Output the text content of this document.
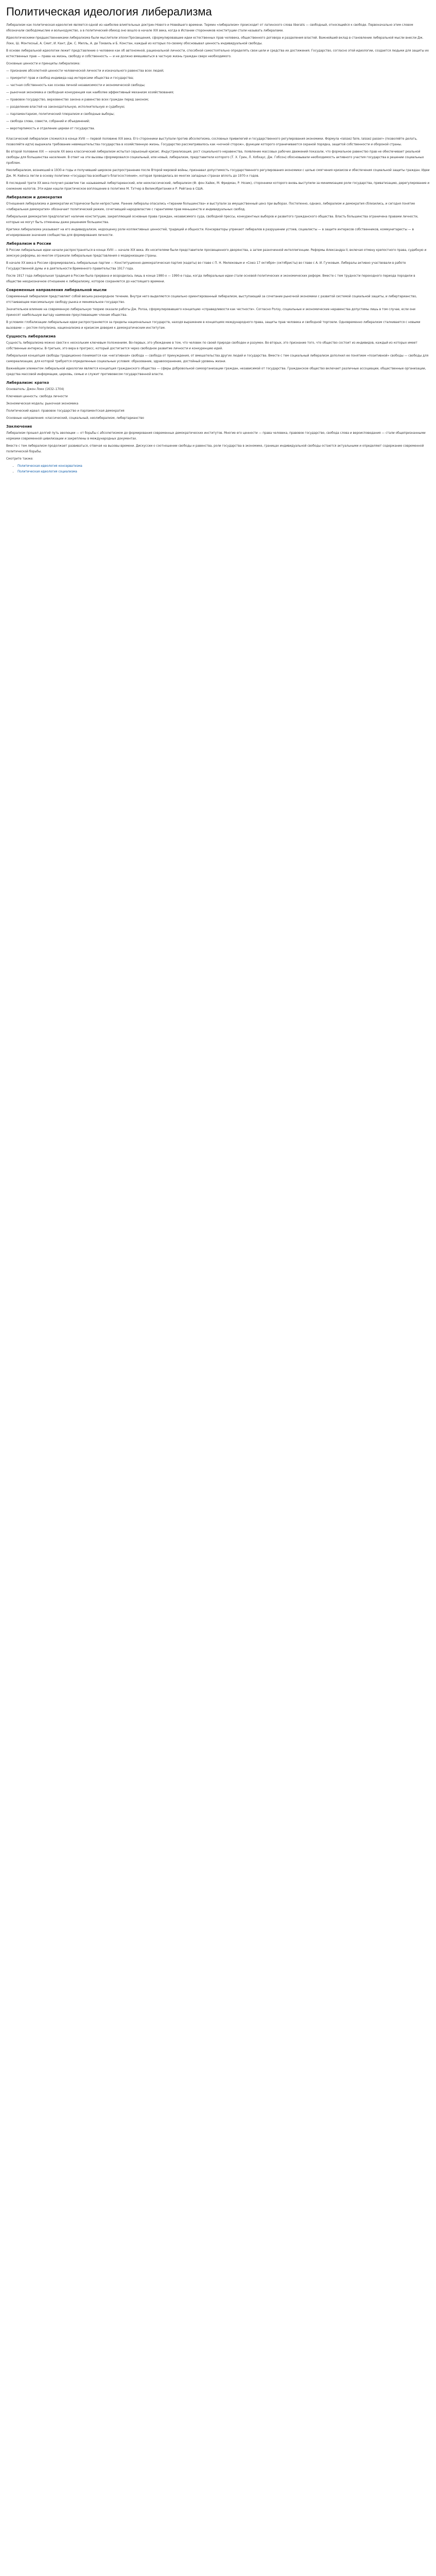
Политическая идеология либерализма

Либерализм как политическая идеология является одной из наиболее влиятельных доктрин Нового и Новейшего времени. Термин «либерализм» происходит от латинского слова liberalis — свободный, относящийся к свободе. Первоначально этим словом обозначали свободомыслие и вольнодумство, а в политический обиход оно вошло в начале XIX века, когда в Испании сторонников конституции стали называть либералами.

Идеологическими предшественниками либерализма были мыслители эпохи Просвещения, сформулировавшие идеи естественных прав человека, общественного договора и разделения властей. Важнейший вклад в становление либеральной мысли внесли Дж. Локк, Ш. Монтескьё, А. Смит, И. Кант, Дж. С. Милль, А. де Токвиль и Б. Констан, каждый из которых по-своему обосновывал ценность индивидуальной свободы.

В основе либеральной идеологии лежит представление о человеке как об автономной, рациональной личности, способной самостоятельно определять свои цели и средства их достижения. Государство, согласно этой идеологии, создается людьми для защиты их естественных прав — права на жизнь, свободу и собственность — и не должно вмешиваться в частную жизнь граждан сверх необходимого.

Основные ценности и принципы либерализма:

— признание абсолютной ценности человеческой личности и изначального равенства всех людей;

— приоритет прав и свобод индивида над интересами общества и государства;

— частная собственность как основа личной независимости и экономической свободы;

— рыночная экономика и свободная конкуренция как наиболее эффективный механизм хозяйствования;

— правовое государство, верховенство закона и равенство всех граждан перед законом;

— разделение властей на законодательную, исполнительную и судебную;

— парламентаризм, политический плюрализм и свободные выборы;

— свобода слова, совести, собраний и объединений;

— веротерпимость и отделение церкви от государства.

Классический либерализм сложился в конце XVIII — первой половине XIX века. Его сторонники выступали против абсолютизма, сословных привилегий и государственного регулирования экономики. Формула «laissez faire, laissez passer» (позволяйте делать, позволяйте идти) выражала требование невмешательства государства в хозяйственную жизнь. Государство рассматривалось как «ночной сторож», функции которого ограничиваются охраной порядка, защитой собственности и обороной страны.

Во второй половине XIX — начале XX века классический либерализм испытал серьезный кризис. Индустриализация, рост социального неравенства, появление массовых рабочих движений показали, что формальное равенство прав не обеспечивает реальной свободы для большинства населения. В ответ на эти вызовы сформировался социальный, или новый, либерализм, представители которого (Т. Х. Грин, Л. Хобхаус, Дж. Гобсон) обосновывали необходимость активного участия государства в решении социальных проблем.

Неолиберализм, возникший в 1930-е годы и получивший широкое распространение после Второй мировой войны, признавал допустимость государственного регулирования экономики с целью смягчения кризисов и обеспечения социальной защиты граждан. Идеи Дж. М. Кейнса легли в основу политики «государства всеобщего благосостояния», которая проводилась во многих западных странах вплоть до 1970-х годов.

В последней трети XX века получил развитие так называемый либертарианский, или неоклассический, либерализм (Ф. фон Хайек, М. Фридман, Р. Нозик), сторонники которого вновь выступили за минимизацию роли государства, приватизацию, дерегулирование и снижение налогов. Эти идеи нашли практическое воплощение в политике М. Тэтчер в Великобритании и Р. Рейгана в США.

Либерализм и демократия

Отношения либерализма и демократии исторически были непростыми. Ранние либералы опасались «тирании большинства» и выступали за имущественный ценз при выборах. Постепенно, однако, либерализм и демократия сблизились, и сегодня понятие «либеральная демократия» обозначает политический режим, сочетающий народовластие с гарантиями прав меньшинств и индивидуальных свобод.

Либеральная демократия предполагает наличие конституции, закрепляющей основные права граждан, независимого суда, свободной прессы, конкурентных выборов и развитого гражданского общества. Власть большинства ограничена правами личности, которые не могут быть отменены даже решением большинства.

Критики либерализма указывают на его индивидуализм, недооценку роли коллективных ценностей, традиций и общности. Консерваторы упрекают либералов в разрушении устоев, социалисты — в защите интересов собственников, коммунитаристы — в игнорировании значения сообщества для формирования личности.

Либерализм в России

В России либеральные идеи начали распространяться в конце XVIII — начале XIX века. Их носителями были представители просвещенного дворянства, а затем разночинной интеллигенции. Реформы Александра II, включая отмену крепостного права, судебную и земскую реформы, во многом отражали либеральные представления о модернизации страны.

В начале XX века в России сформировались либеральные партии — Конституционно-демократическая партия (кадеты) во главе с П. Н. Милюковым и «Союз 17 октября» (октябристы) во главе с А. И. Гучковым. Либералы активно участвовали в работе Государственной думы и в деятельности Временного правительства 1917 года.

После 1917 года либеральная традиция в России была прервана и возродилась лишь в конце 1980-х — 1990-е годы, когда либеральные идеи стали основой политических и экономических реформ. Вместе с тем трудности переходного периода породили в обществе неоднозначное отношение к либерализму, которое сохраняется до настоящего времени.

Современные направления либеральной мысли

Современный либерализм представляет собой весьма разнородное течение. Внутри него выделяются социально ориентированный либерализм, выступающий за сочетание рыночной экономики с развитой системой социальной защиты, и либертарианство, отстаивающее максимальную свободу рынка и минимальное государство.

Значительное влияние на современную либеральную теорию оказали работы Дж. Ролза, сформулировавшего концепцию «справедливости как честности». Согласно Ролзу, социальные и экономические неравенства допустимы лишь в том случае, если они приносят наибольшую выгоду наименее преуспевающим членам общества.

В условиях глобализации либеральные идеи распространяются за пределы национальных государств, находя выражение в концепциях международного права, защиты прав человека и свободной торговли. Одновременно либерализм сталкивается с новыми вызовами — ростом популизма, национализма и кризисом доверия к демократическим институтам.

Сущность либерализма

Сущность либерализма можно свести к нескольким ключевым положениям. Во-первых, это убеждение в том, что человек по своей природе свободен и разумен. Во-вторых, это признание того, что общество состоит из индивидов, каждый из которых имеет собственные интересы. В-третьих, это вера в прогресс, который достигается через свободное развитие личности и конкуренцию идей.

Либеральная концепция свободы традиционно понимается как «негативная» свобода — свобода от принуждения, от вмешательства других людей и государства. Вместе с тем социальный либерализм дополнил ее понятием «позитивной» свободы — свободы для самореализации, для которой требуются определенные социальные условия: образование, здравоохранение, достойный уровень жизни.

Важнейшим элементом либеральной идеологии является концепция гражданского общества — сферы добровольной самоорганизации граждан, независимой от государства. Гражданское общество включает различные ассоциации, общественные организации, средства массовой информации, церковь, семью и служит противовесом государственной власти.

Либерализм: кратко

Основатель: Джон Локк (1632–1704)

Ключевая ценность: свобода личности

Экономическая модель: рыночная экономика

Политический идеал: правовое государство и парламентская демократия

Основные направления: классический, социальный, неолиберализм, либертарианство

Заключение

Либерализм прошел долгий путь эволюции — от борьбы с абсолютизмом до формирования современных демократических институтов. Многие его ценности — права человека, правовое государство, свобода слова и вероисповедания — стали общепризнанными нормами современной цивилизации и закреплены в международных документах.

Вместе с тем либерализм продолжает развиваться, отвечая на вызовы времени. Дискуссии о соотношении свободы и равенства, роли государства в экономике, границах индивидуальной свободы остаются актуальными и определяют содержание современной политической борьбы.

Смотрите также:

• Политическая идеология консерватизма
• Политическая идеология социализма
